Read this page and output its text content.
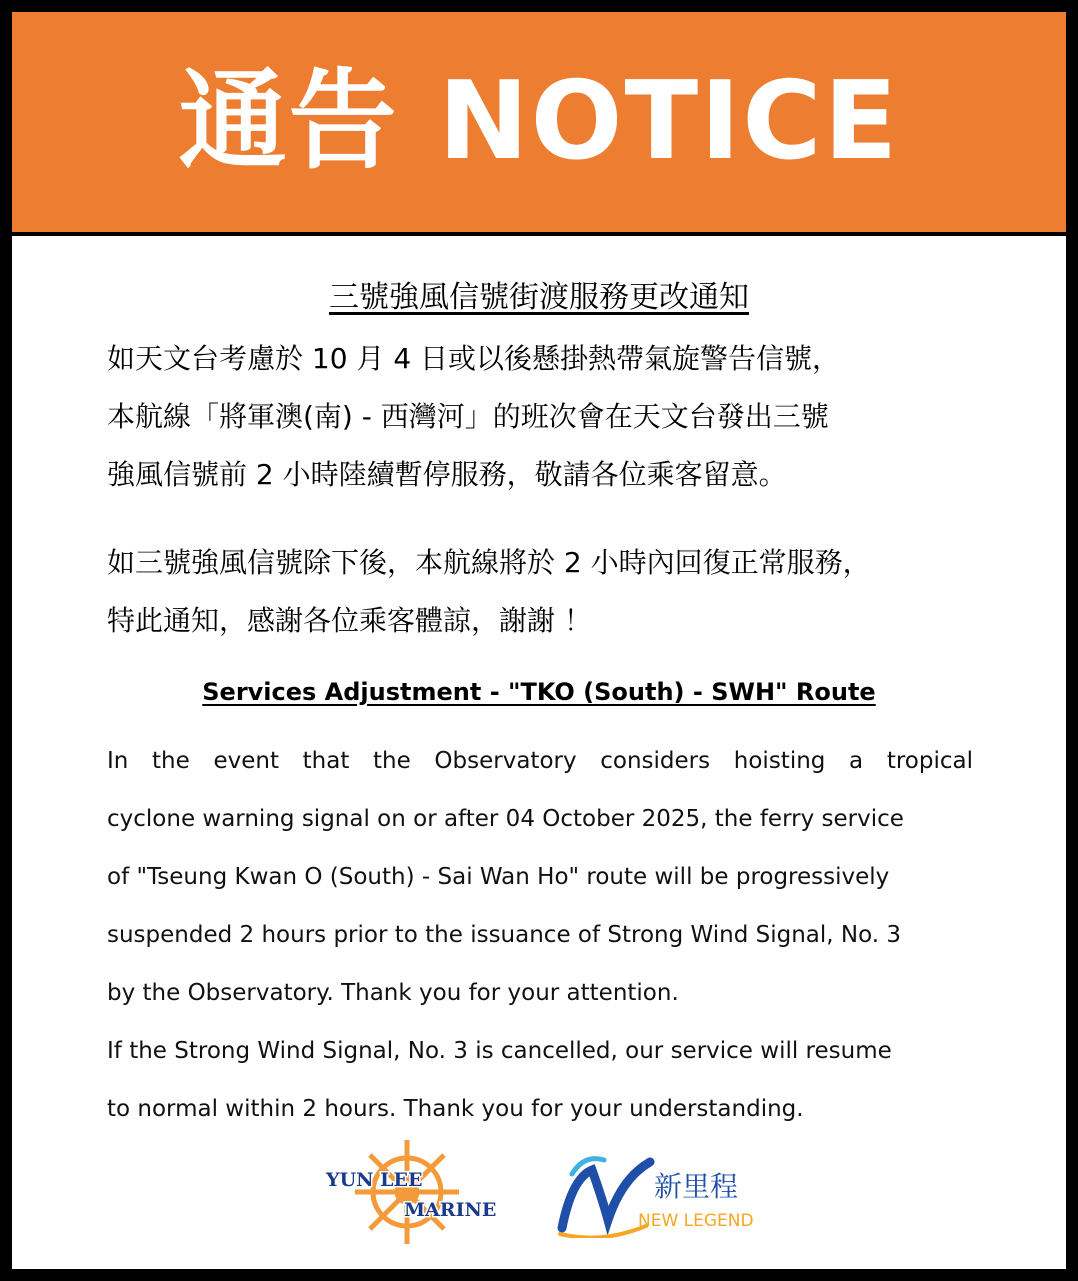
通告 NOTICE
三號強風信號街渡服務更改通知
如天文台考慮於 10 月 4 日或以後懸掛熱帶氣旋警告信號，
本航線「將軍澳(南) - 西灣河」的班次會在天文台發出三號
強風信號前 2 小時陸續暫停服務，敬請各位乘客留意。
如三號強風信號除下後，本航線將於 2 小時內回復正常服務，
特此通知，感謝各位乘客體諒，謝謝 ！
Services Adjustment - "TKO (South) - SWH" Route
In the event that the Observatory considers hoisting a tropical
cyclone warning signal on or after 04 October 2025, the ferry service
of "Tseung Kwan O (South) - Sai Wan Ho" route will be progressively
suspended 2 hours prior to the issuance of Strong Wind Signal, No. 3
by the Observatory. Thank you for your attention.
If the Strong Wind Signal, No. 3 is cancelled, our service will resume
to normal within 2 hours. Thank you for your understanding.
YUN LEE
MARINE
新里程
NEW LEGEND
